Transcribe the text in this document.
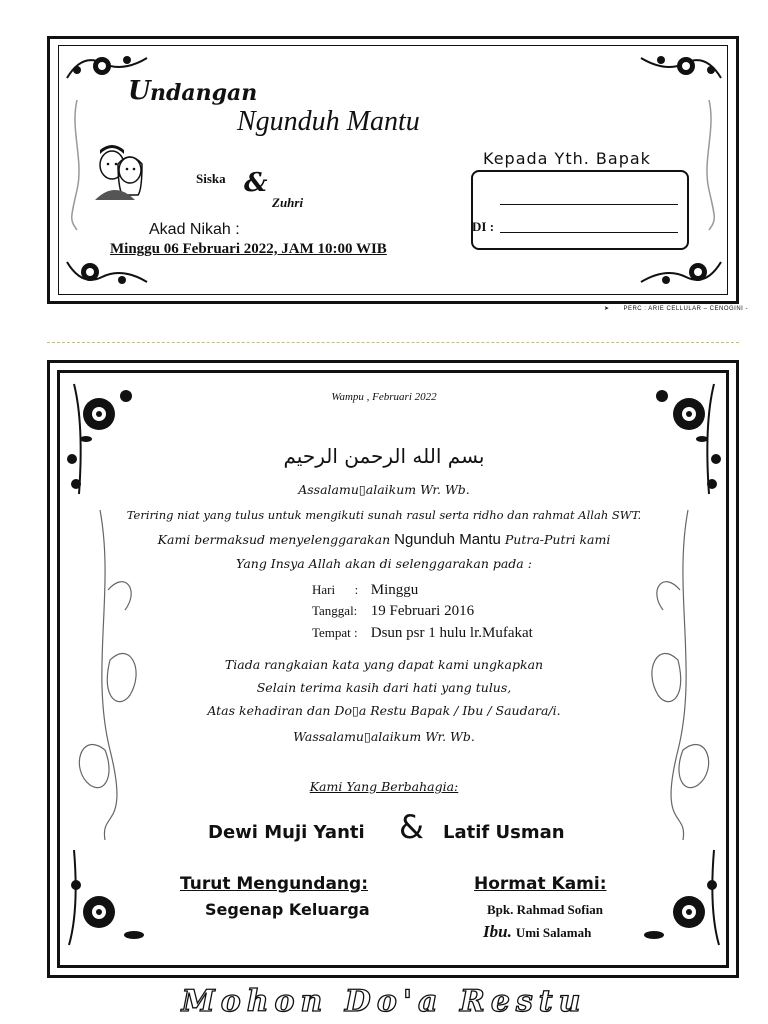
U ndangan
Ngunduh Mantu
Siska &
Zuhri
Akad Nikah :
Minggu 06 Februari 2022, JAM 10:00 WIB
Kepada Yth. Bapak
DI :
➤ PERC : ARIE CELLULAR – CENOGINI -
Wampu , Februari 2022
بسم الله الرحمن الرحيم
Assalamu▯alaikum Wr. Wb.
Teriring niat yang tulus untuk mengikuti sunah rasul serta ridho dan rahmat Allah SWT.
Kami bermaksud menyelenggarakan Ngunduh Mantu Putra-Putri kami
Yang Insya Allah akan di selenggarakan pada :
Hari      : Minggu
Tanggal: 19 Februari 2016
Tempat : Dsun psr 1 hulu lr.Mufakat
Tiada rangkaian kata yang dapat kami ungkapkan
Selain terima kasih dari hati yang tulus,
Atas kehadiran dan Do▯a Restu Bapak / Ibu / Saudara/i.
Wassalamu▯alaikum Wr. Wb.
Kami Yang Berbahagia:
Dewi Muji Yanti & Latif Usman
Turut Mengundang:
Segenap Keluarga
Hormat Kami:
Bpk. Rahmad Sofian
Ibu. Umi Salamah
Mohon Do'a Restu
